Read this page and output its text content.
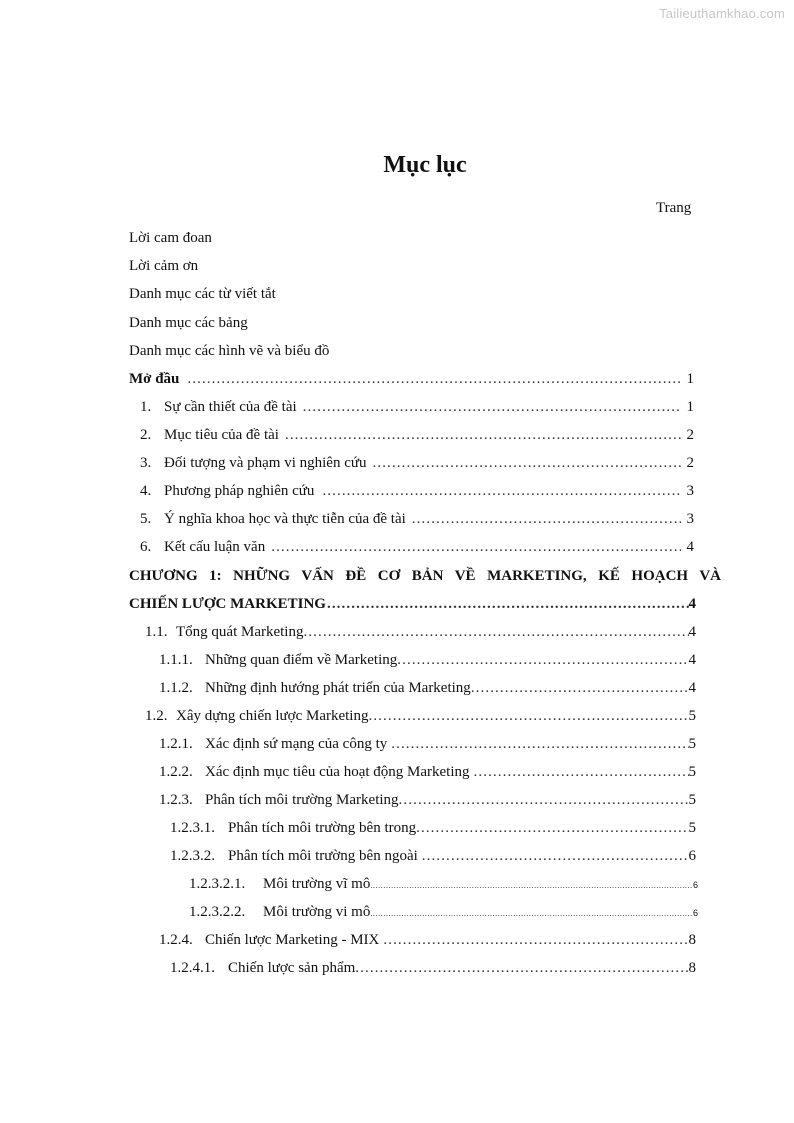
Tailieuthamkhao.com
Mục lục
Trang
Lời cam đoan
Lời cảm ơn
Danh mục các từ viết tắt
Danh mục các bảng
Danh mục các hình vẽ và biểu đồ
Mở đầu .....	1
1. Sự cần thiết của đề tài .....	1
2. Mục tiêu của đề tài .....	2
3. Đối tượng và phạm vi nghiên cứu .....	2
4. Phương pháp nghiên cứu .....	3
5. Ý nghĩa khoa học và thực tiễn của đề tài .....	3
6. Kết cấu luận văn .....	4
CHƯƠNG 1: NHỮNG VẤN ĐỀ CƠ BẢN VỀ MARKETING, KẾ HOẠCH VÀ
CHIẾN LƯỢC MARKETING .....	4
1.1. Tổng quát Marketing .....	4
1.1.1. Những quan điểm về Marketing .....	4
1.1.2. Những định hướng phát triển của Marketing .....	4
1.2. Xây dựng chiến lược Marketing .....	5
1.2.1. Xác định sứ mạng của công ty .....	5
1.2.2. Xác định mục tiêu của hoạt động Marketing .....	5
1.2.3. Phân tích môi trường Marketing .....	5
1.2.3.1. Phân tích môi trường bên trong .....	5
1.2.3.2. Phân tích môi trường bên ngoài .....	6
1.2.3.2.1.	Môi trường vĩ mô .....	6
1.2.3.2.2.	Môi trường vi mô .....	6
1.2.4. Chiến lược Marketing - MIX .....	8
1.2.4.1. Chiến lược sản phẩm .....	8
